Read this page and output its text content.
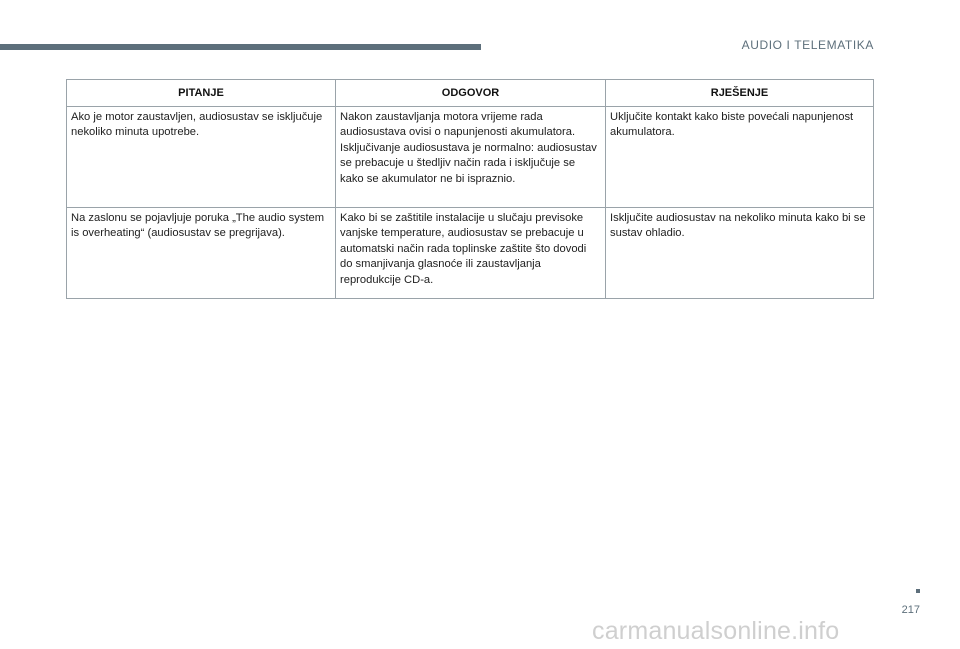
AUDIO I TELEMATIKA
PITANJE	ODGOVOR	RJEŠENJE
Ako je motor zaustavljen, audiosustav se isključuje nekoliko minuta upotrebe.	Nakon zaustavljanja motora vrijeme rada audiosustava ovisi o napunjenosti akumulatora. Isključivanje audiosustava je normalno: audiosustav se prebacuje u štedljiv način rada i isključuje se kako se akumulator ne bi ispraznio.	Uključite kontakt kako biste povećali napunjenost akumulatora.
Na zaslonu se pojavljuje poruka „The audio system is overheating“ (audiosustav se pregrijava).	Kako bi se zaštitile instalacije u slučaju previsoke vanjske temperature, audiosustav se prebacuje u automatski način rada toplinske zaštite što dovodi do smanjivanja glasnoće ili zaustavljanja reprodukcije CD-a.	Isključite audiosustav na nekoliko minuta kako bi se sustav ohladio.
217
carmanualsonline.info
